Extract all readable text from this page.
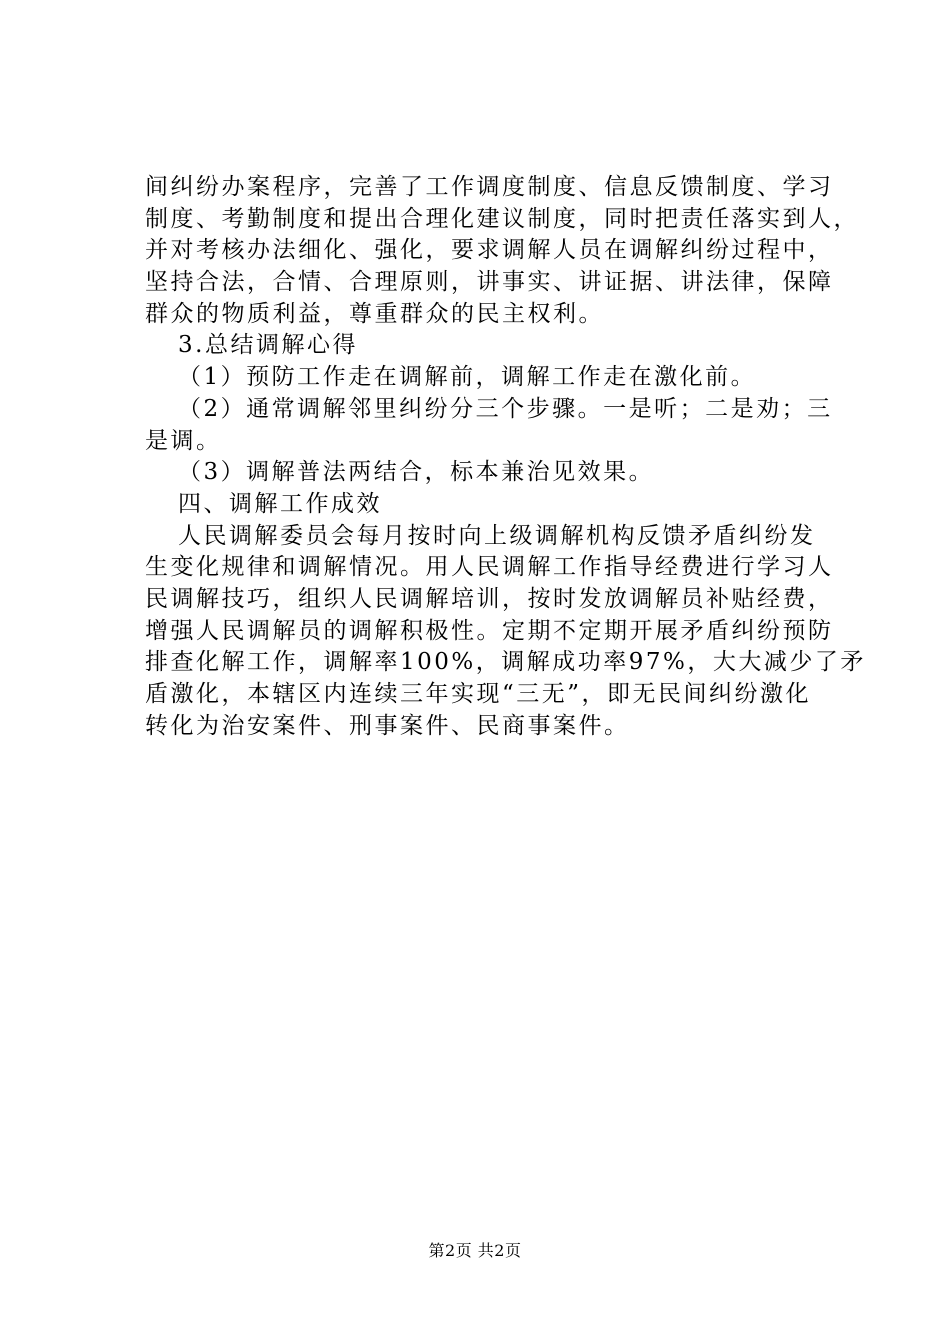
间纠纷办案程序，完善了工作调度制度、信息反馈制度、学习
制度、考勤制度和提出合理化建议制度，同时把责任落实到人，
并对考核办法细化、强化，要求调解人员在调解纠纷过程中，
坚持合法，合情、合理原则，讲事实、讲证据、讲法律，保障
群众的物质利益，尊重群众的民主权利。
3.总结调解心得
（1）预防工作走在调解前，调解工作走在激化前。
（2）通常调解邻里纠纷分三个步骤。一是听；二是劝；三
是调。
（3）调解普法两结合，标本兼治见效果。
四、调解工作成效
人民调解委员会每月按时向上级调解机构反馈矛盾纠纷发
生变化规律和调解情况。用人民调解工作指导经费进行学习人
民调解技巧，组织人民调解培训，按时发放调解员补贴经费，
增强人民调解员的调解积极性。定期不定期开展矛盾纠纷预防
排查化解工作，调解率100%，调解成功率97%，大大减少了矛
盾激化，本辖区内连续三年实现“三无”，即无民间纠纷激化
转化为治安案件、刑事案件、民商事案件。
第2页 共2页
